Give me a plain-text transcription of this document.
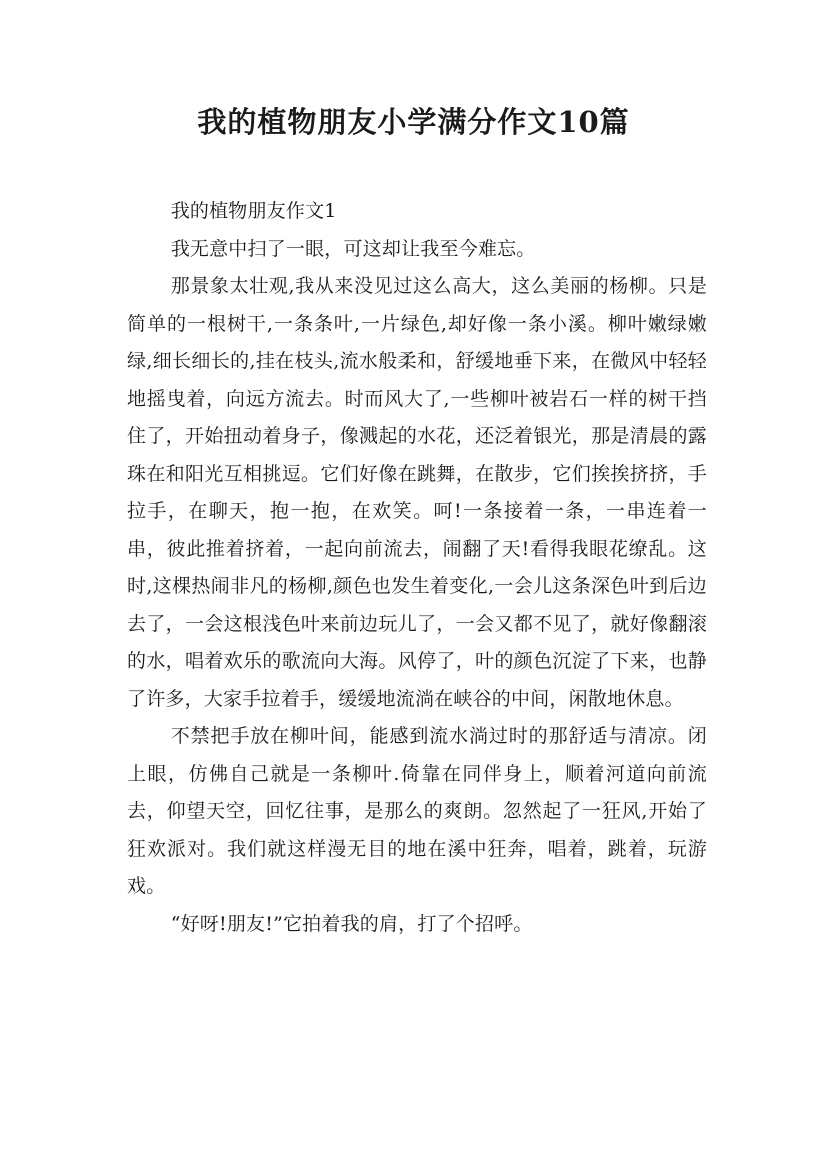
我的植物朋友小学满分作文10篇

我的植物朋友作文1

我无意中扫了一眼，可这却让我至今难忘。

那景象太壮观,我从来没见过这么高大，这么美丽的杨柳。只是简单的一根树干,一条条叶,一片绿色,却好像一条小溪。柳叶嫩绿嫩绿,细长细长的,挂在枝头,流水般柔和，舒缓地垂下来，在微风中轻轻地摇曳着，向远方流去。时而风大了,一些柳叶被岩石一样的树干挡住了，开始扭动着身子，像溅起的水花，还泛着银光，那是清晨的露珠在和阳光互相挑逗。它们好像在跳舞，在散步，它们挨挨挤挤，手拉手，在聊天，抱一抱，在欢笑。呵!一条接着一条，一串连着一串，彼此推着挤着，一起向前流去，闹翻了天!看得我眼花缭乱。这时,这棵热闹非凡的杨柳,颜色也发生着变化,一会儿这条深色叶到后边去了，一会这根浅色叶来前边玩儿了，一会又都不见了，就好像翻滚的水，唱着欢乐的歌流向大海。风停了，叶的颜色沉淀了下来，也静了许多，大家手拉着手，缓缓地流淌在峡谷的中间，闲散地休息。

不禁把手放在柳叶间，能感到流水淌过时的那舒适与清凉。闭上眼，仿佛自己就是一条柳叶.倚靠在同伴身上，顺着河道向前流去，仰望天空，回忆往事，是那么的爽朗。忽然起了一狂风,开始了狂欢派对。我们就这样漫无目的地在溪中狂奔，唱着，跳着，玩游戏。

“好呀!朋友!”它拍着我的肩，打了个招呼。
